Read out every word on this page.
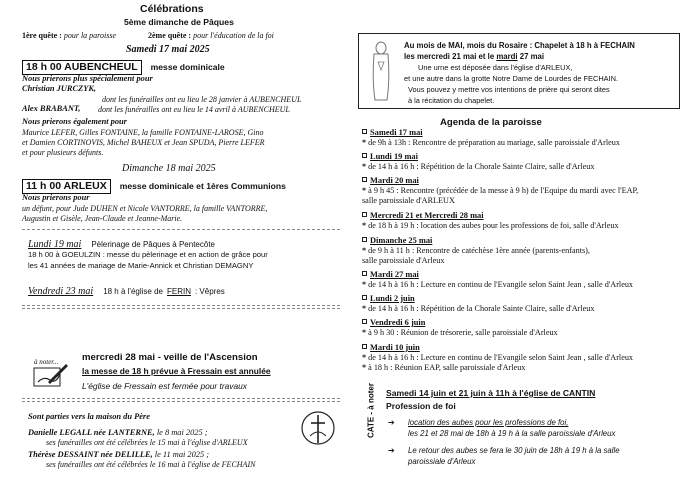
Célébrations
5ème dimanche de Pâques
1ère quête : pour la paroisse	2ème quête : pour l'éducation de la foi
Samedi 17 mai 2025
18 h 00 AUBENCHEUL messe dominicale
Nous prierons plus spécialement pour
Christian JURCZYK,
dont les funérailles ont eu lieu le 28 janvier à AUBENCHEUL
Alex BRABANT, dont les funérailles ont eu lieu le 14 avril à AUBENCHEUL
Nous prierons également pour
Maurice LEFER, Gilles FONTAINE, la famille FONTAINE-LAROSE, Gino
et Damien CORTINOVIS, Michel BAHEUX et Jean SPUDA, Pierre LEFER
et pour plusieurs défunts.
Dimanche 18 mai 2025
11 h 00 ARLEUX messe dominicale et 1ères Communions
Nous prierons pour
un défunt, pour Jude DUHEN et Nicole VANTORRE, la famille VANTORRE,
Augustin et Gisèle, Jean-Claude et Jeanne-Marie.
Lundi 19 mai Pèlerinage de Pâques à Pentecôte
18 h 00 à GOEULZIN : messe du pèlerinage et en action de grâce pour
les 41 années de mariage de Marie-Annick et Christian DEMAGNY
Vendredi 23 mai 18 h à l'église de FERIN : Vêpres
à noter... mercredi 28 mai - veille de l'Ascension
la messe de 18 h prévue à Fressain est annulée
L'église de Fressain est fermée pour travaux
Sont parties vers la maison du Père
Danielle LEGALL née LANTERNE, le 8 mai 2025 ;
ses funérailles ont été célébrées le 15 mai à l'église d'ARLEUX
Thérèse DESSAINT née DELILLE, le 11 mai 2025 ;
ses funérailles ont été célébrées le 16 mai à l'église de FECHAIN
Au mois de MAI, mois du Rosaire : Chapelet à 18 h à FECHAIN
les mercredi 21 mai et le mardi 27 mai
Une urne est déposée dans l'église d'ARLEUX,
et une autre dans la grotte Notre Dame de Lourdes de FECHAIN.
Vous pouvez y mettre vos intentions de prière qui seront dites
à la récitation du chapelet.
Agenda de la paroisse
Samedi 17 mai
* de 9h à 13h : Rencontre de préparation au mariage, salle paroissiale d'Arleux
Lundi 19 mai
* de 14 h à 16 h : Répétition de la Chorale Sainte Claire, salle d'Arleux
Mardi 20 mai
* à 9 h 45 : Rencontre (précédée de la messe à 9 h) de l'Equipe du mardi avec l'EAP,
salle paroissiale d'ARLEUX
Mercredi 21 et Mercredi 28 mai
* de 18 h à 19 h : location des aubes pour les professions de foi, salle d'Arleux
Dimanche 25 mai
* de 9 h à 11 h : Rencontre de catéchèse 1ère année (parents-enfants),
salle paroissiale d'Arleux
Mardi 27 mai
* de 14 h à 16 h : Lecture en continu de l'Evangile selon Saint Jean , salle d'Arleux
Lundi 2 juin
* de 14 h à 16 h : Répétition de la Chorale Sainte Claire, salle d'Arleux
Vendredi 6 juin
* à 9 h 30 : Réunion de trésorerie, salle paroissiale d'Arleux
Mardi 10 juin
* de 14 h à 16 h : Lecture en continu de l'Evangile selon Saint Jean , salle d'Arleux
* à 18 h : Réunion EAP, salle paroissiale d'Arleux
CATE - à noter Samedi 14 juin et 21 juin à 11h à l'église de CANTIN
Profession de foi
➔ location des aubes pour les professions de foi,
les 21 et 28 mai de 18h à 19 h à la salle paroissiale d'Arleux
➔ Le retour des aubes se fera le 30 juin de 18h à 19 h à la salle
paroissiale d'Arleux
